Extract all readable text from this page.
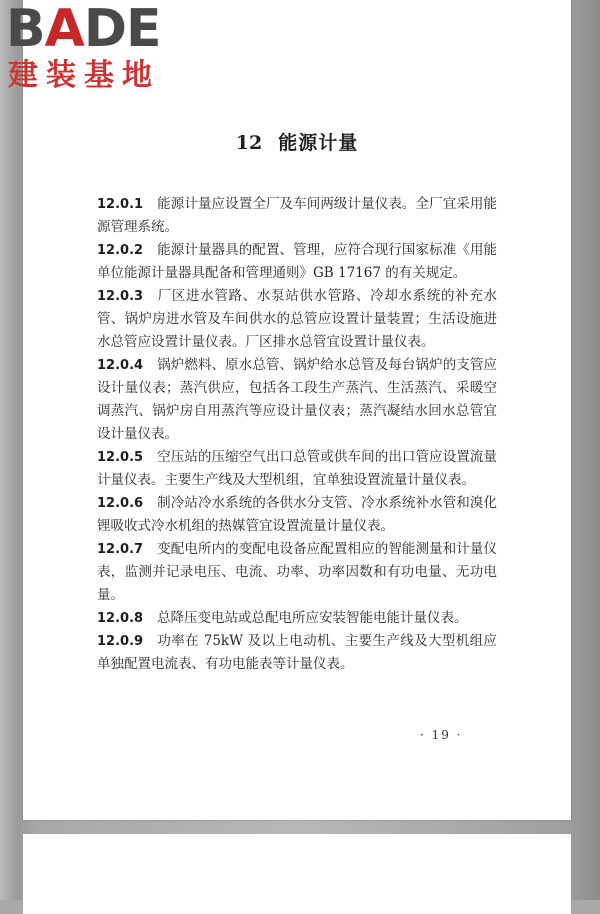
BADE
建装基地
12 能源计量

12.0.1 能源计量应设置全厂及车间两级计量仪表。全厂宜采用能源管理系统。

12.0.2 能源计量器具的配置、管理，应符合现行国家标准《用能单位能源计量器具配备和管理通则》GB 17167 的有关规定。

12.0.3 厂区进水管路、水泵站供水管路、冷却水系统的补充水管、锅炉房进水管及车间供水的总管应设置计量装置；生活设施进水总管应设置计量仪表。厂区排水总管宜设置计量仪表。

12.0.4 锅炉燃料、原水总管、锅炉给水总管及每台锅炉的支管应设计量仪表；蒸汽供应，包括各工段生产蒸汽、生活蒸汽、采暖空调蒸汽、锅炉房自用蒸汽等应设计量仪表；蒸汽凝结水回水总管宜设计量仪表。

12.0.5 空压站的压缩空气出口总管或供车间的出口管应设置流量计量仪表。主要生产线及大型机组，宜单独设置流量计量仪表。

12.0.6 制冷站冷水系统的各供水分支管、冷水系统补水管和溴化锂吸收式冷水机组的热媒管宜设置流量计量仪表。

12.0.7 变配电所内的变配电设备应配置相应的智能测量和计量仪表，监测并记录电压、电流、功率、功率因数和有功电量、无功电量。

12.0.8 总降压变电站或总配电所应安装智能电能计量仪表。

12.0.9 功率在 75kW 及以上电动机、主要生产线及大型机组应单独配置电流表、有功电能表等计量仪表。

· 19 ·
